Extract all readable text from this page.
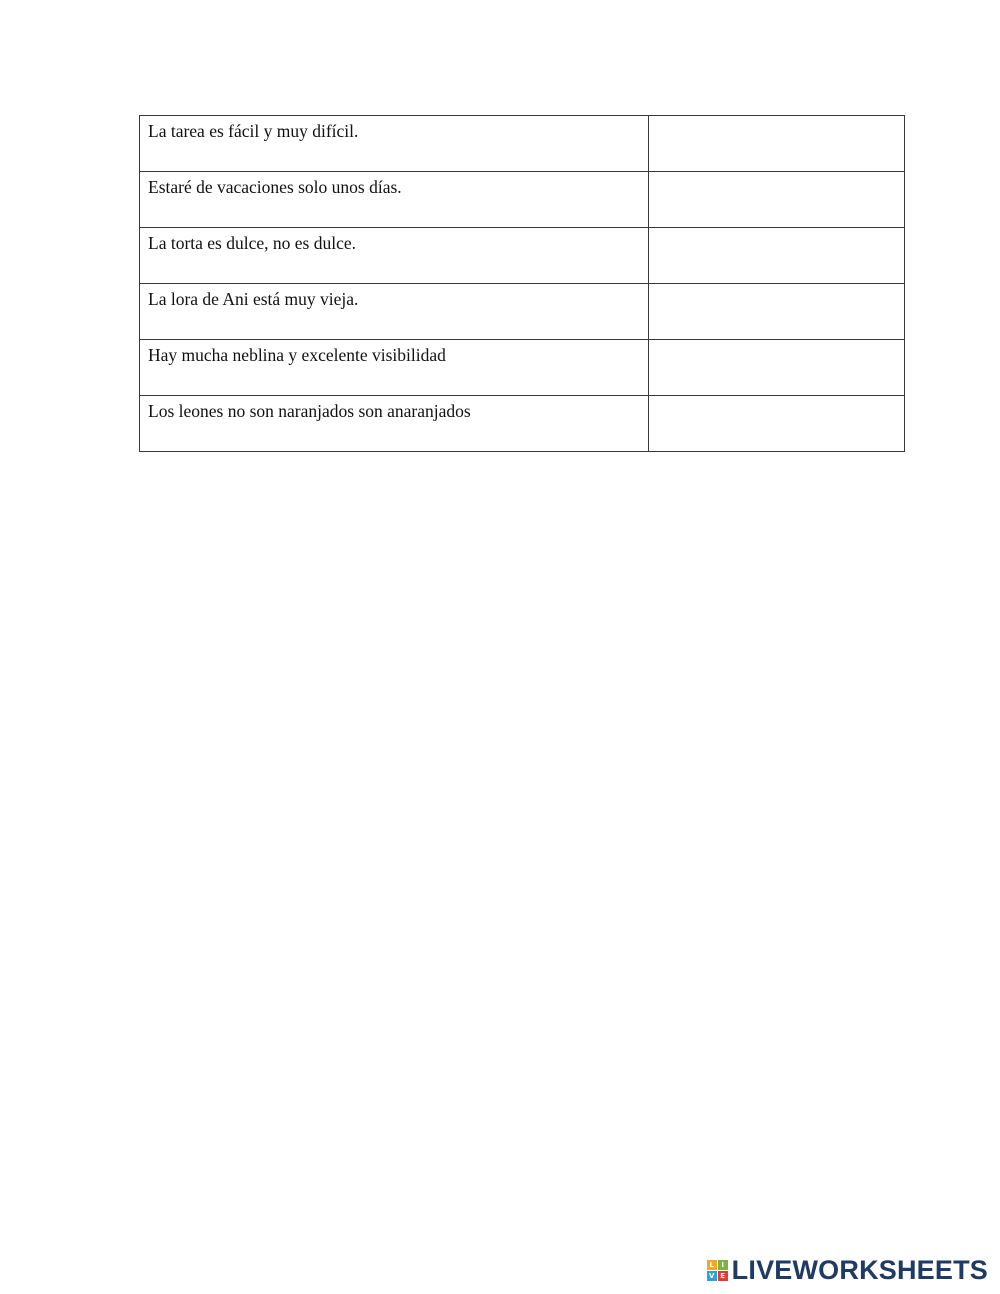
La tarea es fácil y muy difícil.	
Estaré de vacaciones solo unos días.	
La torta es dulce, no es dulce.	
La lora de Ani está muy vieja.	
Hay mucha neblina y excelente visibilidad	
Los leones no son naranjados son anaranjados	
L	I
V E LIVEWORKSHEETS
